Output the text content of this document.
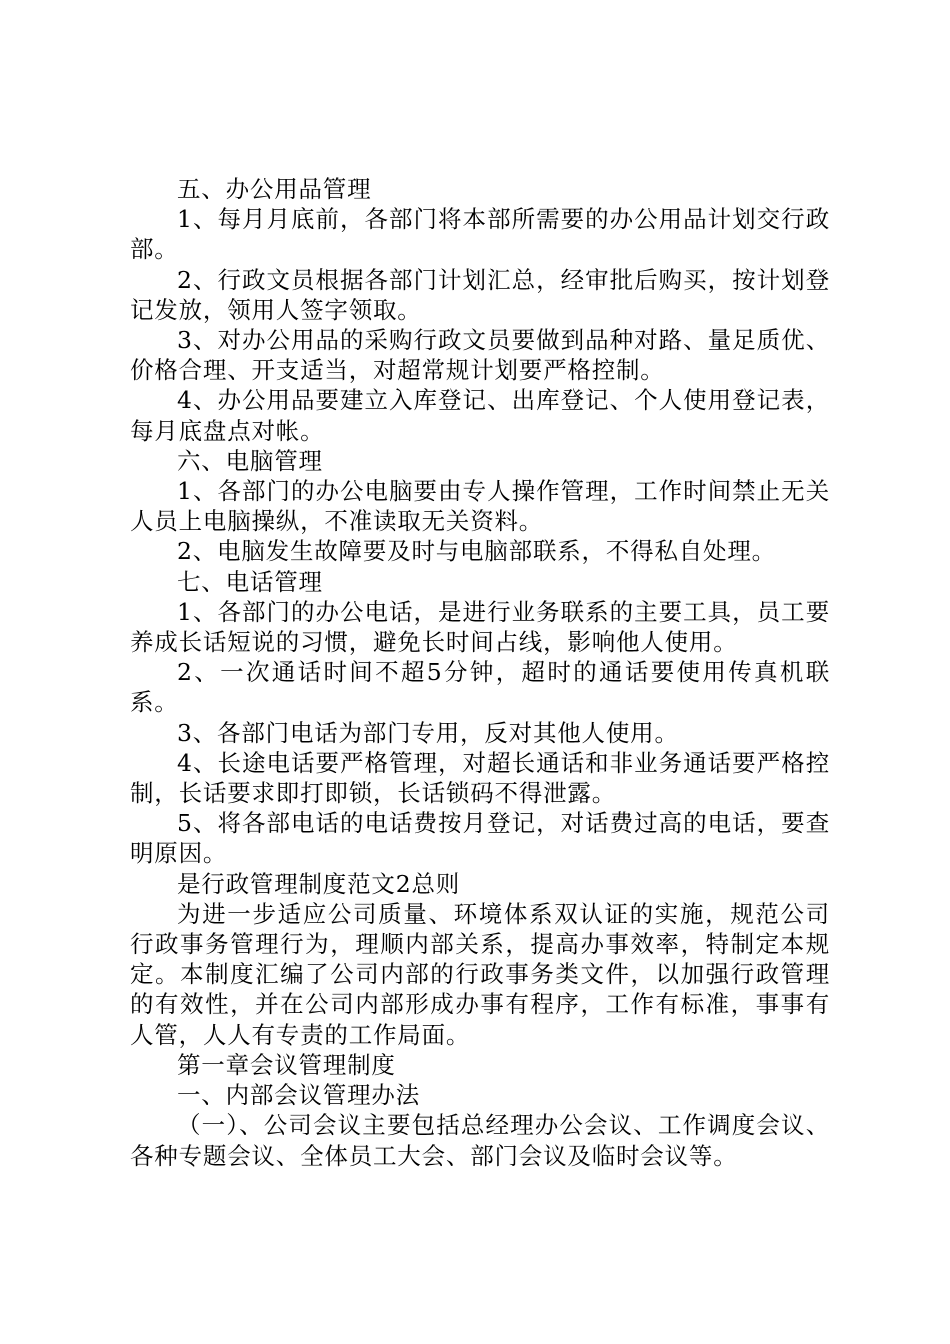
五、办公用品管理

1、每月月底前，各部门将本部所需要的办公用品计划交行政部。

2、行政文员根据各部门计划汇总，经审批后购买，按计划登记发放，领用人签字领取。

3、对办公用品的采购行政文员要做到品种对路、量足质优、价格合理、开支适当，对超常规计划要严格控制。

4、办公用品要建立入库登记、出库登记、个人使用登记表，每月底盘点对帐。

六、电脑管理

1、各部门的办公电脑要由专人操作管理，工作时间禁止无关人员上电脑操纵，不准读取无关资料。

2、电脑发生故障要及时与电脑部联系，不得私自处理。

七、电话管理

1、各部门的办公电话，是进行业务联系的主要工具，员工要养成长话短说的习惯，避免长时间占线，影响他人使用。

2、一次通话时间不超5分钟，超时的通话要使用传真机联系。

3、各部门电话为部门专用，反对其他人使用。

4、长途电话要严格管理，对超长通话和非业务通话要严格控制，长话要求即打即锁，长话锁码不得泄露。

5、将各部电话的电话费按月登记，对话费过高的电话，要查明原因。

是行政管理制度范文2总则

为进一步适应公司质量、环境体系双认证的实施，规范公司行政事务管理行为，理顺内部关系，提高办事效率，特制定本规定。本制度汇编了公司内部的行政事务类文件，以加强行政管理的有效性，并在公司内部形成办事有程序，工作有标准，事事有人管，人人有专责的工作局面。

第一章会议管理制度

一、内部会议管理办法

（一）、公司会议主要包括总经理办公会议、工作调度会议、各种专题会议、全体员工大会、部门会议及临时会议等。
